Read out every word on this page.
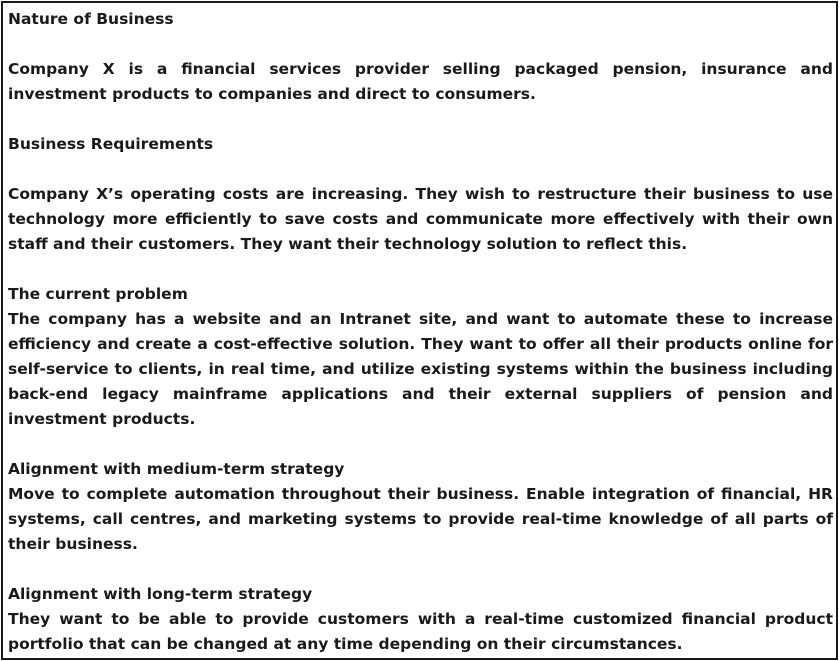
Nature of Business

Company X is a financial services provider selling packaged pension, insurance and investment products to companies and direct to consumers.

Business Requirements

Company X’s operating costs are increasing. They wish to restructure their business to use technology more efficiently to save costs and communicate more effectively with their own staff and their customers. They want their technology solution to reflect this.

The current problem

The company has a website and an Intranet site, and want to automate these to increase efficiency and create a cost-effective solution. They want to offer all their products online for self-service to clients, in real time, and utilize existing systems within the business including back-end legacy mainframe applications and their external suppliers of pension and investment products.

Alignment with medium-term strategy

Move to complete automation throughout their business. Enable integration of financial, HR systems, call centres, and marketing systems to provide real-time knowledge of all parts of their business.

Alignment with long-term strategy

They want to be able to provide customers with a real-time customized financial product portfolio that can be changed at any time depending on their circumstances.
